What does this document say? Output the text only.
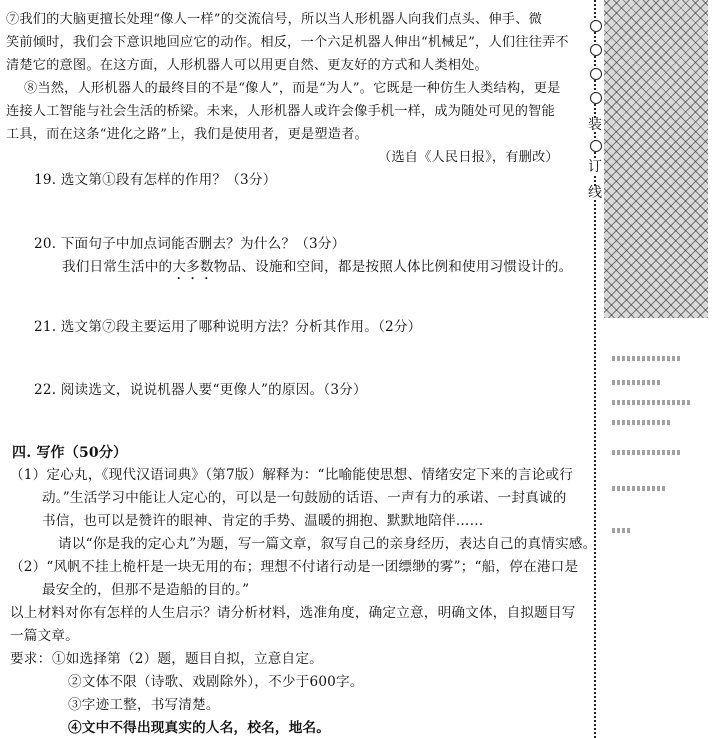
⑦我们的大脑更擅长处理“像人一样”的交流信号，所以当人形机器人向我们点头、伸手、微
笑前倾时，我们会下意识地回应它的动作。相反，一个六足机器人伸出“机械足”，人们往往弄不
清楚它的意图。在这方面，人形机器人可以用更自然、更友好的方式和人类相处。
⑧当然，人形机器人的最终目的不是“像人”，而是“为人”。它既是一种仿生人类结构，更是
连接人工智能与社会生活的桥梁。未来，人形机器人或许会像手机一样，成为随处可见的智能
工具，而在这条“进化之路”上，我们是使用者，更是塑造者。
（选自《人民日报》，有删改）
19. 选文第①段有怎样的作用？（3分）
20. 下面句子中加点词能否删去？为什么？（3分）
我们日常生活中的大多数物品、设施和空间，都是按照人体比例和使用习惯设计的。
21. 选文第⑦段主要运用了哪种说明方法？分析其作用。（2分）
22. 阅读选文，说说机器人要“更像人”的原因。（3分）
四. 写作（50分）
（1）定心丸，《现代汉语词典》（第7版）解释为：“比喻能使思想、情绪安定下来的言论或行
动。”生活学习中能让人定心的，可以是一句鼓励的话语、一声有力的承诺、一封真诚的
书信，也可以是赞许的眼神、肯定的手势、温暖的拥抱、默默地陪伴……
请以“你是我的定心丸”为题，写一篇文章，叙写自己的亲身经历，表达自己的真情实感。
（2）“风帆不挂上桅杆是一块无用的布；理想不付诸行动是一团缥缈的雾”；“船，停在港口是
最安全的，但那不是造船的目的。”
以上材料对你有怎样的人生启示？请分析材料，选准角度，确定立意，明确文体，自拟题目写
一篇文章。
要求： ①如选择第（2）题，题目自拟，立意自定。
②文体不限（诗歌、戏剧除外），不少于600字。
③字迹工整，书写清楚。
④文中不得出现真实的人名，校名，地名。
装
订
线
